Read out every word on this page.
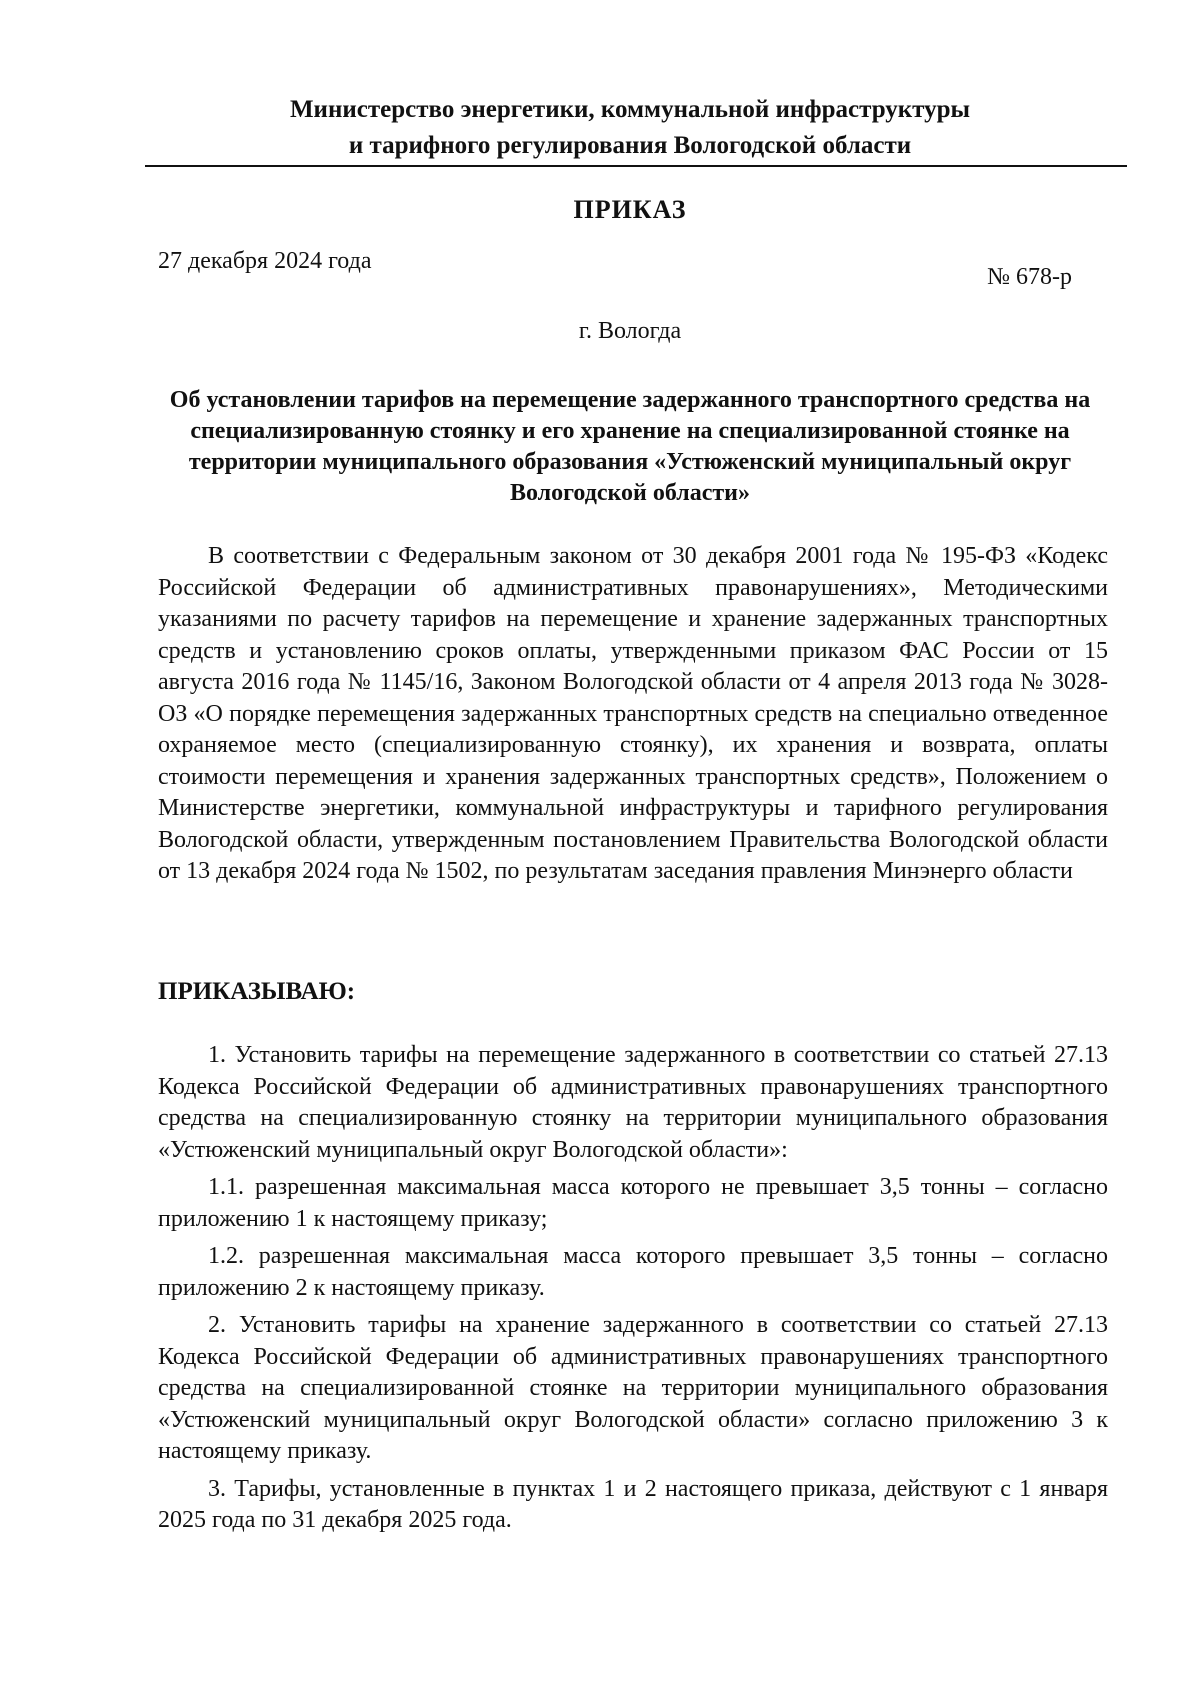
Министерство энергетики, коммунальной инфраструктуры
и тарифного регулирования Вологодской области
ПРИКАЗ
27 декабря 2024 года
№ 678-р
г. Вологда
Об установлении тарифов на перемещение задержанного транспортного средства на специализированную стоянку и его хранение на специализированной стоянке на территории муниципального образования «Устюженский муниципальный округ Вологодской области»
В соответствии с Федеральным законом от 30 декабря 2001 года № 195-ФЗ «Кодекс Российской Федерации об административных правонарушениях», Методическими указаниями по расчету тарифов на перемещение и хранение задержанных транспортных средств и установлению сроков оплаты, утвержденными приказом ФАС России от 15 августа 2016 года № 1145/16, Законом Вологодской области от 4 апреля 2013 года № 3028-ОЗ «О порядке перемещения задержанных транспортных средств на специально отведенное охраняемое место (специализированную стоянку), их хранения и возврата, оплаты стоимости перемещения и хранения задержанных транспортных средств», Положением о Министерстве энергетики, коммунальной инфраструктуры и тарифного регулирования Вологодской области, утвержденным постановлением Правительства Вологодской области от 13 декабря 2024 года № 1502, по результатам заседания правления Минэнерго области
ПРИКАЗЫВАЮ:

1. Установить тарифы на перемещение задержанного в соответствии со статьей 27.13 Кодекса Российской Федерации об административных правонарушениях транспортного средства на специализированную стоянку на территории муниципального образования «Устюженский муниципальный округ Вологодской области»:

1.1. разрешенная максимальная масса которого не превышает 3,5 тонны – согласно приложению 1 к настоящему приказу;

1.2. разрешенная максимальная масса которого превышает 3,5 тонны – согласно приложению 2 к настоящему приказу.

2. Установить тарифы на хранение задержанного в соответствии со статьей 27.13 Кодекса Российской Федерации об административных правонарушениях транспортного средства на специализированной стоянке на территории муниципального образования «Устюженский муниципальный округ Вологодской области» согласно приложению 3 к настоящему приказу.

3. Тарифы, установленные в пунктах 1 и 2 настоящего приказа, действуют с 1 января 2025 года по 31 декабря 2025 года.
